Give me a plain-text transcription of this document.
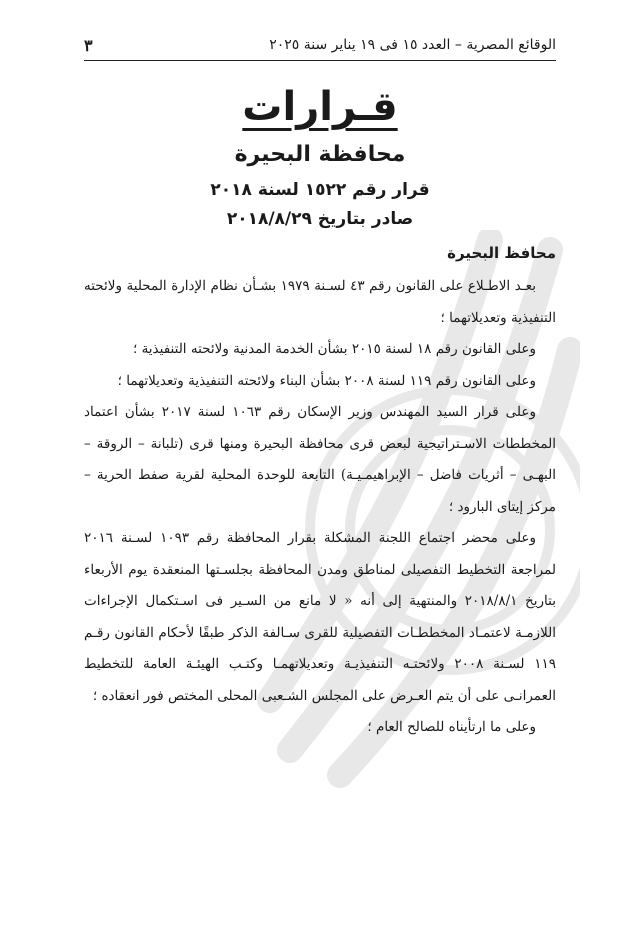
الوقائع المصرية – العدد ١٥ فى ١٩ يناير سنة ٢٠٢٥
٣
قـرارات
محافظة البحيرة
قرار رقم ١٥٢٢ لسنة ٢٠١٨
صادر بتاريخ ٢٠١٨/٨/٢٩
محافظ البحيرة

بعـد الاطـلاع على القانون رقم ٤٣ لسـنة ١٩٧٩ بشـأن نظام الإدارة المحلية ولائحته التنفيذية وتعديلاتهما ؛

وعلى القانون رقم ١٨ لسنة ٢٠١٥ بشأن الخدمة المدنية ولائحته التنفيذية ؛

وعلى القانون رقم ١١٩ لسنة ٢٠٠٨ بشأن البناء ولائحته التنفيذية وتعديلاتهما ؛

وعلى قرار السيد المهندس وزير الإسكان رقم ١٠٦٣ لسنة ٢٠١٧ بشأن اعتماد المخططات الاسـتراتيجية لبعض قرى محافظة البحيرة ومنها قرى (تلبانة – الروقة – البهـى – أثريات فاضل – الإبراهيمـيـة) التابعة للوحدة المحلية لقرية صفط الحرية – مركز إيتاى البارود ؛

وعلى محضر اجتماع اللجنة المشكلة بقرار المحافظة رقم ١٠٩٣ لسـنة ٢٠١٦ لمراجعة التخطيط التفصيلى لمناطق ومدن المحافظة بجلسـتها المنعقدة يوم الأربعاء بتاريخ ٢٠١٨/٨/١ والمنتهية إلى أنه « لا مانع من السـير فى اسـتكمال الإجراءات اللازمـة لاعتمـاد المخططـات التفصيلية للقرى سـالفة الذكر طبقًا لأحكام القانون رقـم ١١٩ لسـنة ٢٠٠٨ ولائحتـه التنفيذيـة وتعديلاتهمـا وكتـب الهيئـة العامة للتخطيط العمرانـى على أن يتم العـرض على المجلس الشـعبى المحلى المختص فور انعقاده ؛

وعلى ما ارتأيناه للصالح العام ؛
